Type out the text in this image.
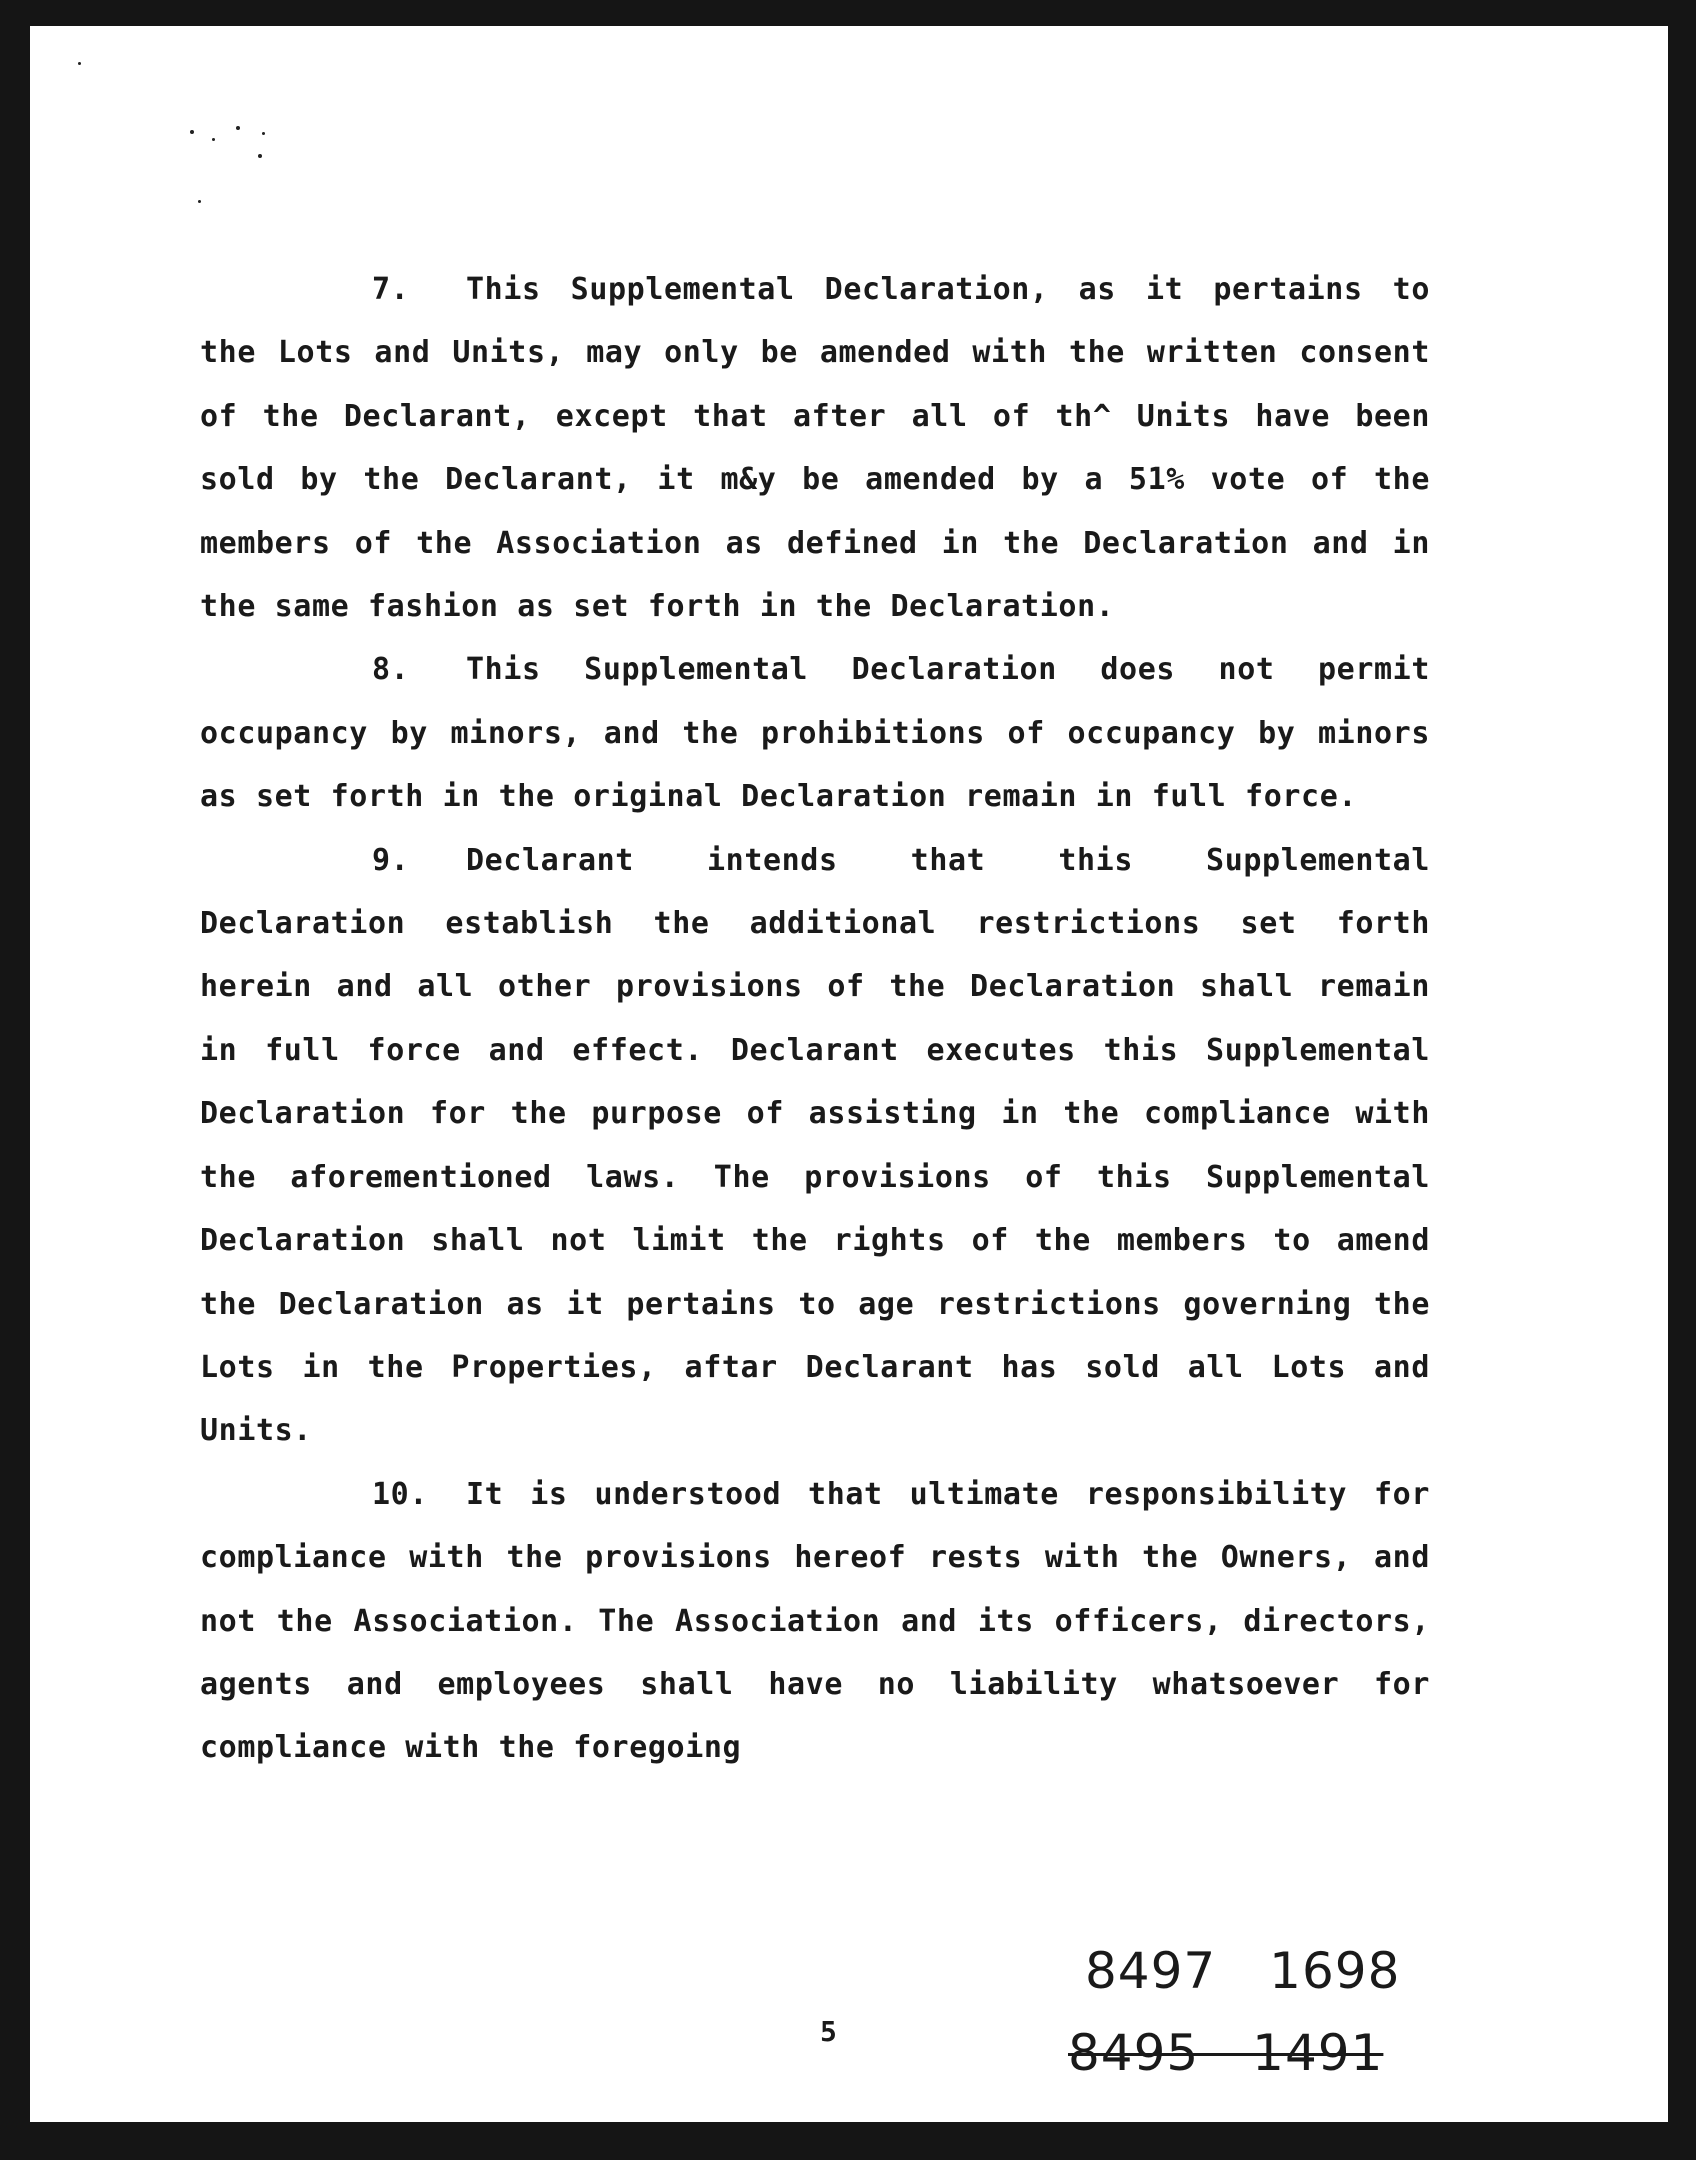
7. This Supplemental Declaration, as it pertains to the Lots and Units, may only be amended with the written consent of the Declarant, except that after all of th^ Units have been sold by the Declarant, it m&y be amended by a 51% vote of the members of the Association as defined in the Declaration and in the same fashion as set forth in the Declaration.

8. This Supplemental Declaration does not permit occupancy by minors, and the prohibitions of occupancy by minors as set forth in the original Declaration remain in full force.

9. Declarant intends that this Supplemental Declaration establish the additional restrictions set forth herein and all other provisions of the Declaration shall remain in full force and effect. Declarant executes this Supplemental Declaration for the purpose of assisting in the compliance with the aforementioned laws. The provisions of this Supplemental Declaration shall not limit the rights of the members to amend the Declaration as it pertains to age restrictions governing the Lots in the Properties, aftar Declarant has sold all Lots and Units.

10. It is understood that ultimate responsibility for compliance with the provisions hereof rests with the Owners, and not the Association. The Association and its officers, directors, agents and employees shall have no liability whatsoever for compliance with the foregoing

8497 1698
5	8495 1491
